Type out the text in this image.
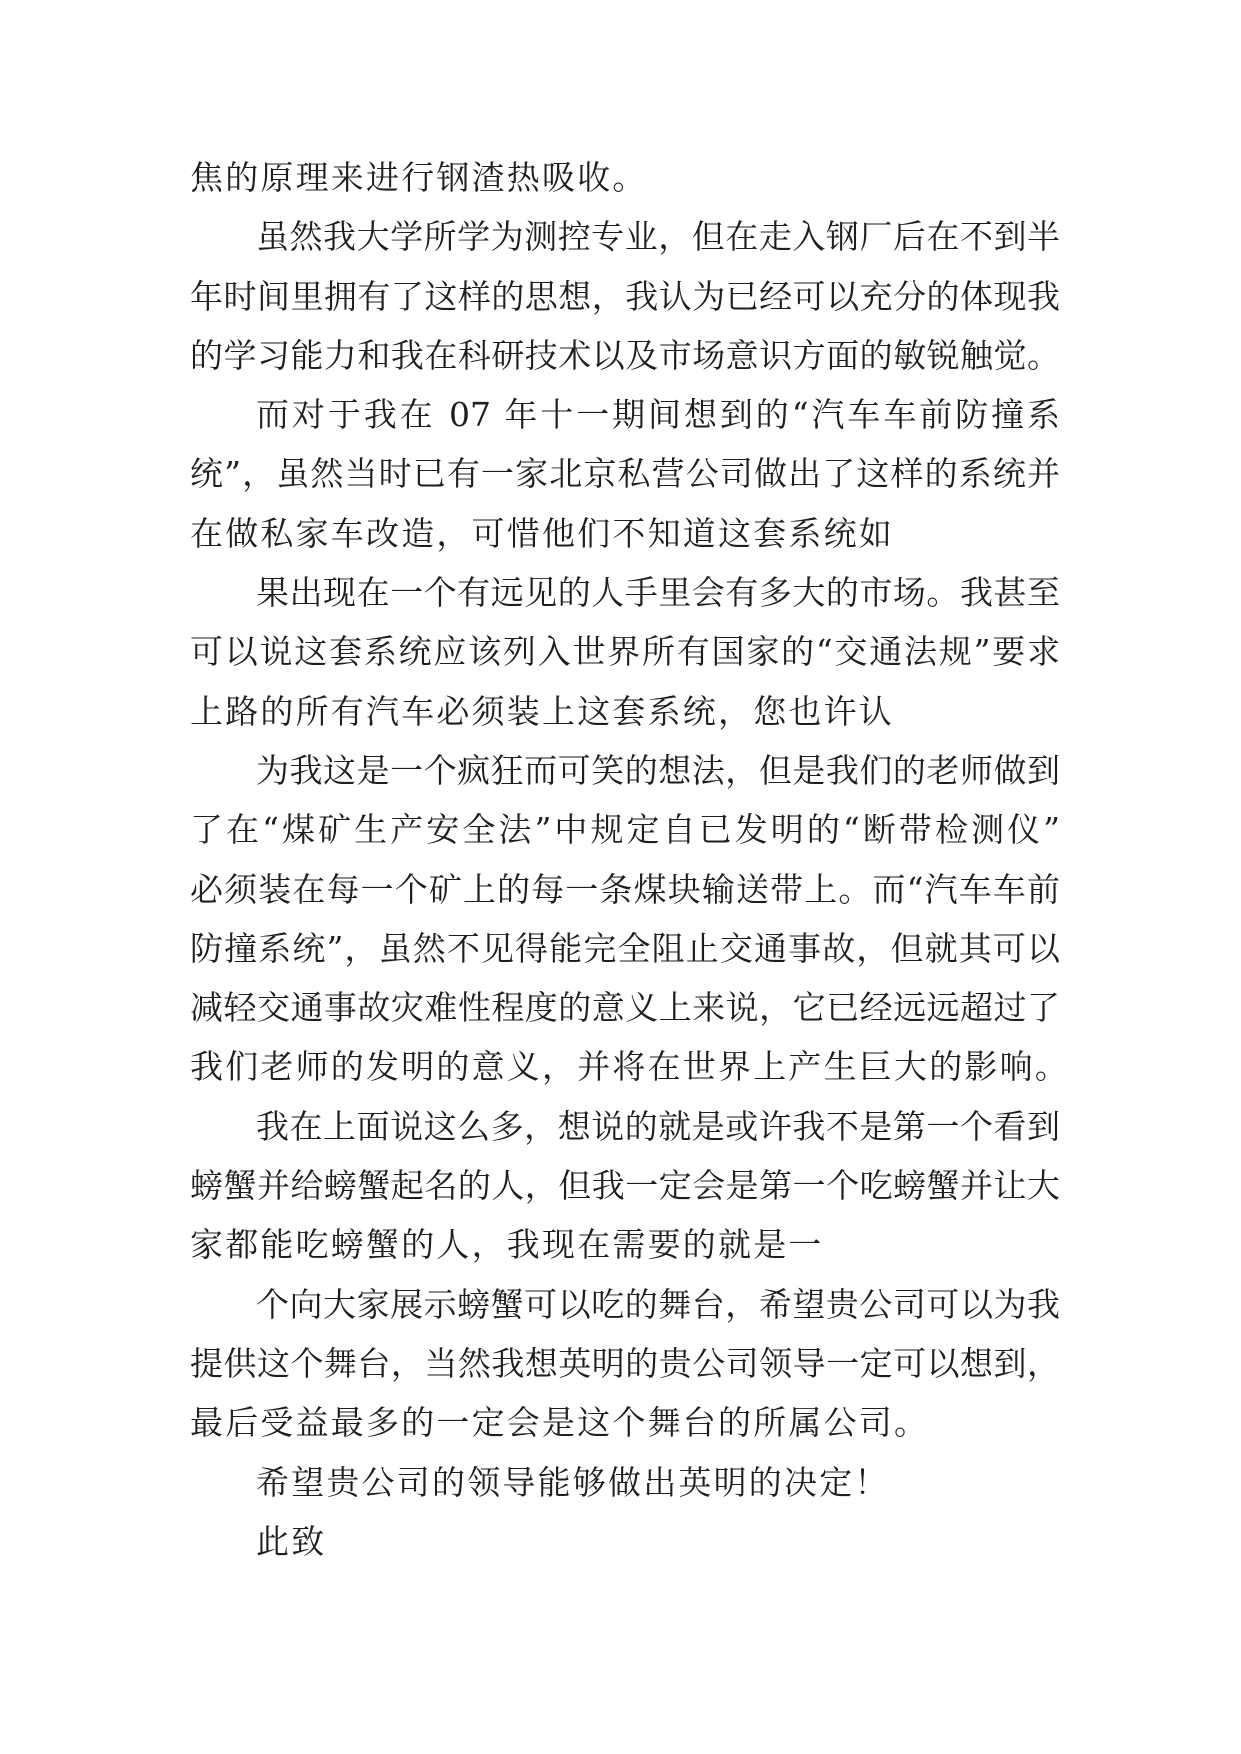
焦的原理来进行钢渣热吸收。
虽然我大学所学为测控专业，但在走入钢厂后在不到半
年时间里拥有了这样的思想，我认为已经可以充分的体现我
的学习能力和我在科研技术以及市场意识方面的敏锐触觉。
而对于我在 07 年十一期间想到的“汽车车前防撞系
统”，虽然当时已有一家北京私营公司做出了这样的系统并
在做私家车改造，可惜他们不知道这套系统如
果出现在一个有远见的人手里会有多大的市场。我甚至
可以说这套系统应该列入世界所有国家的“交通法规”要求
上路的所有汽车必须装上这套系统，您也许认
为我这是一个疯狂而可笑的想法，但是我们的老师做到
了在“煤矿生产安全法”中规定自已发明的“断带检测仪”
必须装在每一个矿上的每一条煤块输送带上。而“汽车车前
防撞系统”，虽然不见得能完全阻止交通事故，但就其可以
减轻交通事故灾难性程度的意义上来说，它已经远远超过了
我们老师的发明的意义，并将在世界上产生巨大的影响。
我在上面说这么多，想说的就是或许我不是第一个看到
螃蟹并给螃蟹起名的人，但我一定会是第一个吃螃蟹并让大
家都能吃螃蟹的人，我现在需要的就是一
个向大家展示螃蟹可以吃的舞台，希望贵公司可以为我
提供这个舞台，当然我想英明的贵公司领导一定可以想到，
最后受益最多的一定会是这个舞台的所属公司。
希望贵公司的领导能够做出英明的决定！
此致
